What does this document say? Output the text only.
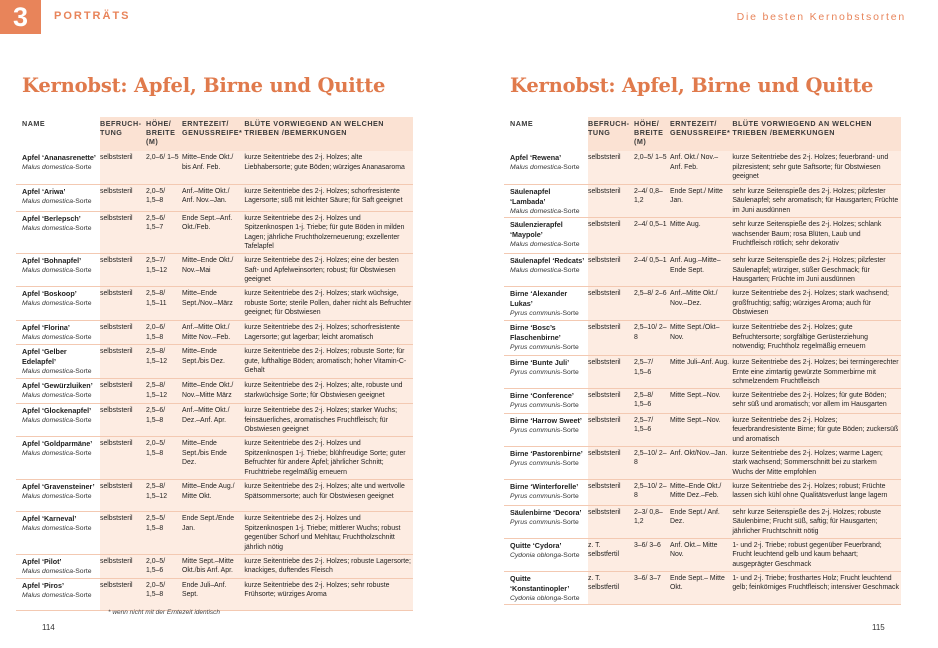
3	PORTRÄTS	Die besten Kernobstsorten
Kernobst: Apfel, Birne und Quitte	Kernobst: Apfel, Birne und Quitte
NAME	BEFRUCH-TUNG	HÖHE/ BREITE (M)	ERNTEZEIT/ GENUSSREIFE*	BLÜTE VORWIEGEND AN WELCHEN TRIEBEN /BEMERKUNGEN

Apfel ‘Ananasrenette’
Malus domestica-Sorte	selbststeril	2,0–6/ 1–5	Mitte–Ende Okt./ bis Anf. Feb.	kurze Seitentriebe des 2-j. Holzes; alte Liebhabersorte; gute Böden; würziges Ananasaroma

Apfel ‘Ariwa’
Malus domestica-Sorte	selbststeril	2,0–5/ 1,5–8	Anf.–Mitte Okt./ Anf. Nov.–Jan.	kurze Seitentriebe des 2-j. Holzes; schorfresistente Lagersorte; süß mit leichter Säure; für Saft geeignet

Apfel ‘Berlepsch’
Malus domestica-Sorte	selbststeril	2,5–6/ 1,5–7	Ende Sept.–Anf. Okt./Feb.	kurze Seitentriebe des 2-j. Holzes und Spitzenknospen 1-j. Triebe; für gute Böden in milden Lagen; jährliche Fruchtholzerneuerung; exzellenter Tafelapfel

Apfel ‘Bohnapfel’
Malus domestica-Sorte	selbststeril	2,5–7/ 1,5–12	Mitte–Ende Okt./ Nov.–Mai	kurze Seitentriebe des 2-j. Holzes; eine der besten Saft- und Apfelweinsorten; robust; für Obstwiesen geeignet

Apfel ‘Boskoop’
Malus domestica-Sorte	selbststeril	2,5–8/ 1,5–11	Mitte–Ende Sept./Nov.–März	kurze Seitentriebe des 2-j. Holzes; stark wüchsige, robuste Sorte; sterile Pollen, daher nicht als Befruchter geeignet; für Obstwiesen

Apfel ‘Florina’
Malus domestica-Sorte	selbststeril	2,0–6/ 1,5–8	Anf.–Mitte Okt./ Mitte Nov.–Feb.	kurze Seitentriebe des 2-j. Holzes; schorfresistente Lagersorte; gut lagerbar; leicht aromatisch

Apfel ‘Gelber Edelapfel’
Malus domestica-Sorte	selbststeril	2,5–8/ 1,5–12	Mitte–Ende Sept./bis Dez.	kurze Seitentriebe des 2-j. Holzes; robuste Sorte; für gute, lufthaltige Böden; aromatisch; hoher Vitamin-C-Gehalt

Apfel ‘Gewürzluiken’
Malus domestica-Sorte	selbststeril	2,5–8/ 1,5–12	Mitte–Ende Okt./ Nov.–Mitte März	kurze Seitentriebe des 2-j. Holzes; alte, robuste und starkwüchsige Sorte; für Obstwiesen geeignet

Apfel ‘Glockenapfel’
Malus domestica-Sorte	selbststeril	2,5–6/ 1,5–8	Anf.–Mitte Okt./ Dez.–Anf. Apr.	kurze Seitentriebe des 2-j. Holzes; starker Wuchs; feinsäuerliches, aromatisches Fruchtfleisch; für Obstwiesen geeignet

Apfel ‘Goldparmäne’
Malus domestica-Sorte	selbststeril	2,0–5/ 1,5–8	Mitte–Ende Sept./bis Ende Dez.	kurze Seitentriebe des 2-j. Holzes und Spitzenknospen 1-j. Triebe; blühfreudige Sorte; guter Befruchter für andere Äpfel; jährlicher Schnitt; Fruchttriebe regelmäßig erneuern

Apfel ‘Gravensteiner’
Malus domestica-Sorte	selbststeril	2,5–8/ 1,5–12	Mitte–Ende Aug./ Mitte Okt.	kurze Seitentriebe des 2-j. Holzes; alte und wertvolle Spätsommersorte; auch für Obstwiesen geeignet

Apfel ‘Karneval’
Malus domestica-Sorte	selbststeril	2,5–5/ 1,5–8	Ende Sept./Ende Jan.	kurze Seitentriebe des 2-j. Holzes und Spitzenknospen 1-j. Triebe; mittlerer Wuchs; robust gegenüber Schorf und Mehltau; Fruchtholzschnitt jährlich nötig

Apfel ‘Pilot’
Malus domestica-Sorte	selbststeril	2,0–5/ 1,5–6	Mitte Sept.–Mitte Okt./bis Anf. Apr.	kurze Seitentriebe des 2-j. Holzes; robuste Lagersorte; knackiges, duftendes Fleisch

Apfel ‘Piros’
Malus domestica-Sorte	selbststeril	2,0–5/ 1,5–8	Ende Juli–Anf. Sept.	kurze Seitentriebe des 2-j. Holzes; sehr robuste Frühsorte; würziges Aroma
NAME	BEFRUCH-TUNG	HÖHE/ BREITE (M)	ERNTEZEIT/ GENUSSREIFE*	BLÜTE VORWIEGEND AN WELCHEN TRIEBEN /BEMERKUNGEN

Apfel ‘Rewena’
Malus domestica-Sorte	selbststeril	2,0–5/ 1–5	Anf. Okt./ Nov.–Anf. Feb.	kurze Seitentriebe des 2-j. Holzes; feuerbrand- und pilzresistent; sehr gute Saftsorte; für Obstwiesen geeignet

Säulenapfel ‘Lambada’
Malus domestica-Sorte	selbststeril	2–4/ 0,8–1,2	Ende Sept./ Mitte Jan.	sehr kurze Seitenspieße des 2-j. Holzes; pilzfester Säulenapfel; sehr aromatisch; für Hausgarten; Früchte im Juni ausdünnen

Säulenzierapfel ‘Maypole’
Malus domestica-Sorte	selbststeril	2–4/ 0,5–1	Mitte Aug.	sehr kurze Seitenspieße des 2-j. Holzes; schlank wachsender Baum; rosa Blüten, Laub und Fruchtfleisch rötlich; sehr dekorativ

Säulenapfel ‘Redcats’
Malus domestica-Sorte	selbststeril	2–4/ 0,5–1	Anf. Aug.–Mitte–Ende Sept.	sehr kurze Seitenspieße des 2-j. Holzes; pilzfester Säulenapfel; würziger, süßer Geschmack; für Hausgarten; Früchte im Juni ausdünnen

Birne ‘Alexander Lukas’
Pyrus communis-Sorte	selbststeril	2,5–8/ 2–6	Anf.–Mitte Okt./ Nov.–Dez.	kurze Seitentriebe des 2-j. Holzes; stark wachsend; großfruchtig; saftig; würziges Aroma; auch für Obstwiesen

Birne ‘Bosc’s Flaschenbirne’
Pyrus communis-Sorte	selbststeril	2,5–10/ 2–8	Mitte Sept./Okt–Nov.	kurze Seitentriebe des 2-j. Holzes; gute Befruchtersorte; sorgfältige Gerüsterziehung notwendig; Fruchtholz regelmäßig erneuern

Birne ‘Bunte Juli’
Pyrus communis-Sorte	selbststeril	2,5–7/ 1,5–6	Mitte Juli–Anf. Aug.	kurze Seitentriebe des 2-j. Holzes; bei termingerechter Ernte eine zimtartig gewürzte Sommerbirne mit schmelzendem Fruchtfleisch

Birne ‘Conference’
Pyrus communis-Sorte	selbststeril	2,5–8/ 1,5–6	Mitte Sept.–Nov.	kurze Seitentriebe des 2-j. Holzes; für gute Böden; sehr süß und aromatisch; vor allem im Hausgarten

Birne ‘Harrow Sweet’
Pyrus communis-Sorte	selbststeril	2,5–7/ 1,5–6	Mitte Sept.–Nov.	kurze Seitentriebe des 2-j. Holzes; feuerbrandresistente Birne; für gute Böden; zuckersüß und aromatisch

Birne ‘Pastorenbirne’
Pyrus communis-Sorte	selbststeril	2,5–10/ 2–8	Anf. Okt/Nov.–Jan.	kurze Seitentriebe des 2-j. Holzes; warme Lagen; stark wachsend; Sommerschnitt bei zu starkem Wuchs der Mitte empfohlen

Birne ‘Winterforelle’
Pyrus communis-Sorte	selbststeril	2,5–10/ 2–8	Mitte–Ende Okt./ Mitte Dez.–Feb.	kurze Seitentriebe des 2-j. Holzes; robust; Früchte lassen sich kühl ohne Qualitätsverlust lange lagern

Säulenbirne ‘Decora’
Pyrus communis-Sorte	selbststeril	2–3/ 0,8–1,2	Ende Sept./ Anf. Dez.	sehr kurze Seitenspieße des 2-j. Holzes; robuste Säulenbirne; Frucht süß, saftig; für Hausgarten; jährlicher Fruchtschnitt nötig

Quitte ‘Cydora’
Cydonia oblonga-Sorte	z. T. selbstfertil	3–6/ 3–6	Anf. Okt.– Mitte Nov.	1- und 2-j. Triebe; robust gegenüber Feuerbrand; Frucht leuchtend gelb und kaum behaart; ausgeprägter Geschmack

Quitte ‘Konstantinopler’
Cydonia oblonga-Sorte	z. T. selbstfertil	3–6/ 3–7	Ende Sept.– Mitte Okt.	1- und 2-j. Triebe; frosthartes Holz; Frucht leuchtend gelb; feinkörniges Fruchtfleisch; intensiver Geschmack
* wenn nicht mit der Erntezeit identisch
114	115
